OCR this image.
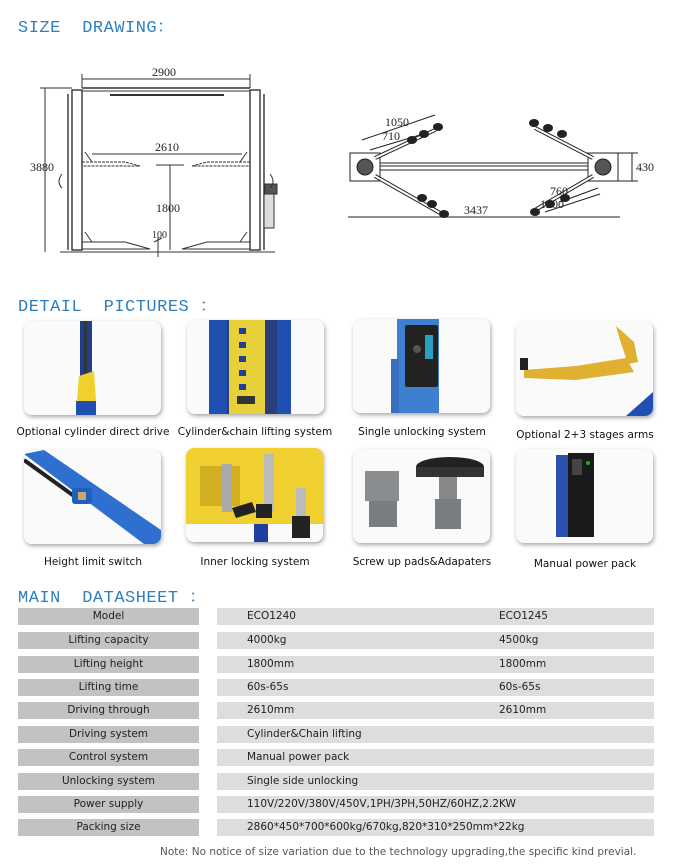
SIZE  DRAWING：
2900
3880
2610
1800
100
1050
710
430
760
1200
3437
DETAIL  PICTURES ：
Optional cylinder direct drive Cylinder&chain lifting system	Single unlocking system	Optional 2+3 stages arms
Height limit switch	Inner locking system	Screw up pads&Adapaters	Manual power pack
MAIN  DATASHEET ：
Model	ECO1240	ECO1245
Lifting capacity	4000kg	4500kg
Lifting height	1800mm	1800mm
Lifting time	60s-65s	60s-65s
Driving through	2610mm	2610mm
Driving system	Cylinder&Chain lifting
Control system	Manual power pack
Unlocking system	Single side unlocking
Power supply	110V/220V/380V/450V,1PH/3PH,50HZ/60HZ,2.2KW
Packing size	2860*450*700*600kg/670kg,820*310*250mm*22kg
Note: No notice of size variation due to the technology upgrading,the specific kind previal.
